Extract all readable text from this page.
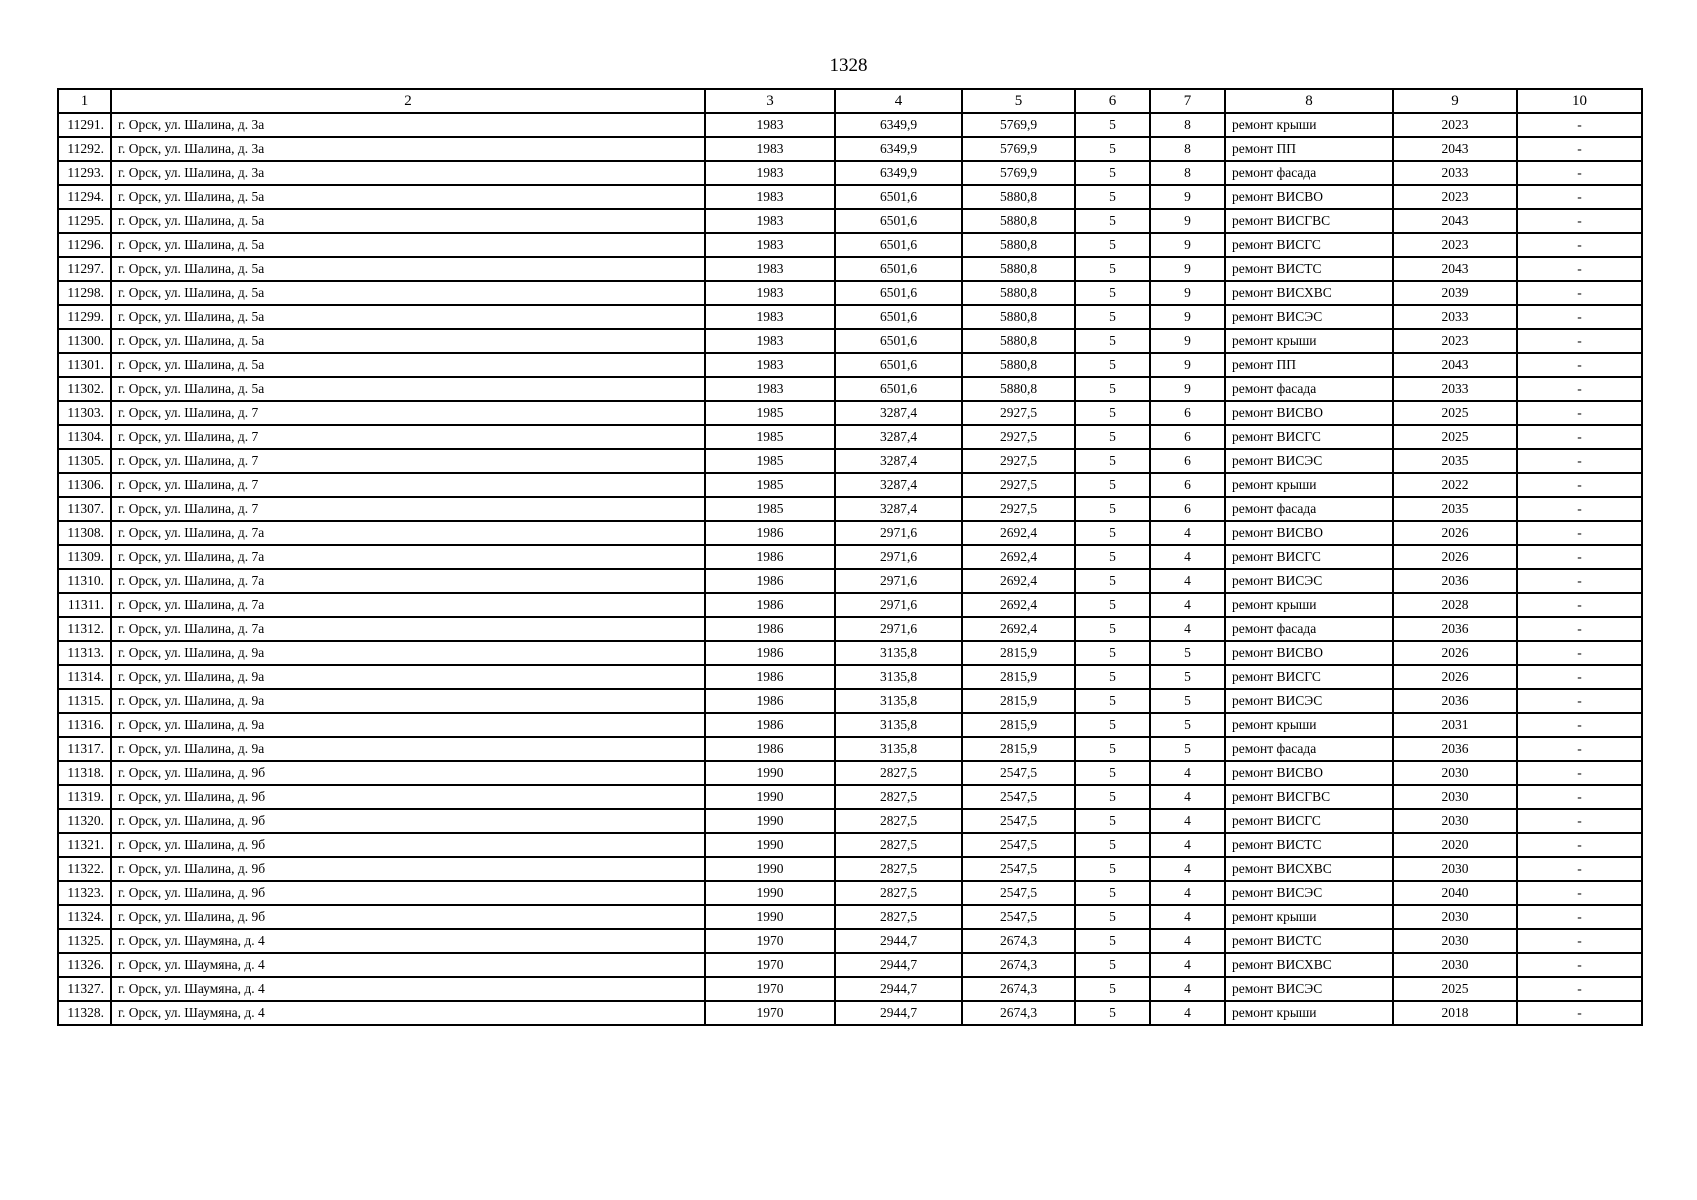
1328
1	2	3	4	5	6	7	8	9	10
11291.	г. Орск, ул. Шалина, д. 3а	1983	6349,9	5769,9	5	8	ремонт крыши	2023	-
11292.	г. Орск, ул. Шалина, д. 3а	1983	6349,9	5769,9	5	8	ремонт ПП	2043	-
11293.	г. Орск, ул. Шалина, д. 3а	1983	6349,9	5769,9	5	8	ремонт фасада	2033	-
11294.	г. Орск, ул. Шалина, д. 5а	1983	6501,6	5880,8	5	9	ремонт ВИСВО	2023	-
11295.	г. Орск, ул. Шалина, д. 5а	1983	6501,6	5880,8	5	9	ремонт ВИСГВС	2043	-
11296.	г. Орск, ул. Шалина, д. 5а	1983	6501,6	5880,8	5	9	ремонт ВИСГС	2023	-
11297.	г. Орск, ул. Шалина, д. 5а	1983	6501,6	5880,8	5	9	ремонт ВИСТС	2043	-
11298.	г. Орск, ул. Шалина, д. 5а	1983	6501,6	5880,8	5	9	ремонт ВИСХВС	2039	-
11299.	г. Орск, ул. Шалина, д. 5а	1983	6501,6	5880,8	5	9	ремонт ВИСЭС	2033	-
11300.	г. Орск, ул. Шалина, д. 5а	1983	6501,6	5880,8	5	9	ремонт крыши	2023	-
11301.	г. Орск, ул. Шалина, д. 5а	1983	6501,6	5880,8	5	9	ремонт ПП	2043	-
11302.	г. Орск, ул. Шалина, д. 5а	1983	6501,6	5880,8	5	9	ремонт фасада	2033	-
11303.	г. Орск, ул. Шалина, д. 7	1985	3287,4	2927,5	5	6	ремонт ВИСВО	2025	-
11304.	г. Орск, ул. Шалина, д. 7	1985	3287,4	2927,5	5	6	ремонт ВИСГС	2025	-
11305.	г. Орск, ул. Шалина, д. 7	1985	3287,4	2927,5	5	6	ремонт ВИСЭС	2035	-
11306.	г. Орск, ул. Шалина, д. 7	1985	3287,4	2927,5	5	6	ремонт крыши	2022	-
11307.	г. Орск, ул. Шалина, д. 7	1985	3287,4	2927,5	5	6	ремонт фасада	2035	-
11308.	г. Орск, ул. Шалина, д. 7а	1986	2971,6	2692,4	5	4	ремонт ВИСВО	2026	-
11309.	г. Орск, ул. Шалина, д. 7а	1986	2971,6	2692,4	5	4	ремонт ВИСГС	2026	-
11310.	г. Орск, ул. Шалина, д. 7а	1986	2971,6	2692,4	5	4	ремонт ВИСЭС	2036	-
11311.	г. Орск, ул. Шалина, д. 7а	1986	2971,6	2692,4	5	4	ремонт крыши	2028	-
11312.	г. Орск, ул. Шалина, д. 7а	1986	2971,6	2692,4	5	4	ремонт фасада	2036	-
11313.	г. Орск, ул. Шалина, д. 9а	1986	3135,8	2815,9	5	5	ремонт ВИСВО	2026	-
11314.	г. Орск, ул. Шалина, д. 9а	1986	3135,8	2815,9	5	5	ремонт ВИСГС	2026	-
11315.	г. Орск, ул. Шалина, д. 9а	1986	3135,8	2815,9	5	5	ремонт ВИСЭС	2036	-
11316.	г. Орск, ул. Шалина, д. 9а	1986	3135,8	2815,9	5	5	ремонт крыши	2031	-
11317.	г. Орск, ул. Шалина, д. 9а	1986	3135,8	2815,9	5	5	ремонт фасада	2036	-
11318.	г. Орск, ул. Шалина, д. 9б	1990	2827,5	2547,5	5	4	ремонт ВИСВО	2030	-
11319.	г. Орск, ул. Шалина, д. 9б	1990	2827,5	2547,5	5	4	ремонт ВИСГВС	2030	-
11320.	г. Орск, ул. Шалина, д. 9б	1990	2827,5	2547,5	5	4	ремонт ВИСГС	2030	-
11321.	г. Орск, ул. Шалина, д. 9б	1990	2827,5	2547,5	5	4	ремонт ВИСТС	2020	-
11322.	г. Орск, ул. Шалина, д. 9б	1990	2827,5	2547,5	5	4	ремонт ВИСХВС	2030	-
11323.	г. Орск, ул. Шалина, д. 9б	1990	2827,5	2547,5	5	4	ремонт ВИСЭС	2040	-
11324.	г. Орск, ул. Шалина, д. 9б	1990	2827,5	2547,5	5	4	ремонт крыши	2030	-
11325.	г. Орск, ул. Шаумяна, д. 4	1970	2944,7	2674,3	5	4	ремонт ВИСТС	2030	-
11326.	г. Орск, ул. Шаумяна, д. 4	1970	2944,7	2674,3	5	4	ремонт ВИСХВС	2030	-
11327.	г. Орск, ул. Шаумяна, д. 4	1970	2944,7	2674,3	5	4	ремонт ВИСЭС	2025	-
11328.	г. Орск, ул. Шаумяна, д. 4	1970	2944,7	2674,3	5	4	ремонт крыши	2018	-
